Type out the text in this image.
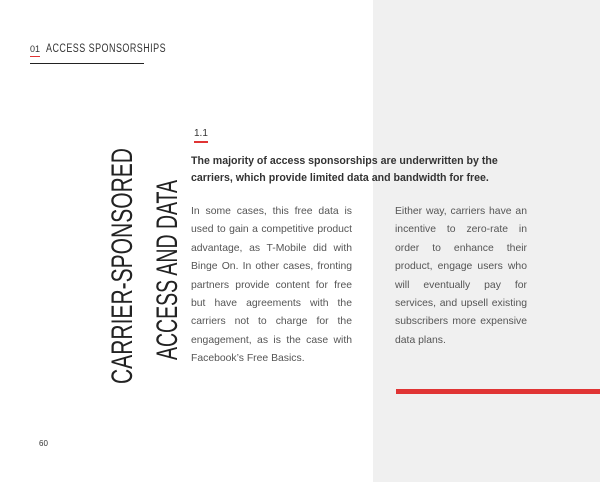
01 ACCESS SPONSORSHIPS
CARRIER-SPONSORED ACCESS AND DATA 1.1
The majority of access sponsorships are underwritten by the carriers, which provide limited data and bandwidth for free.
In some cases, this free data is used to gain a competitive product advantage, as T-Mobile did with Binge On. In other cases, fronting partners provide content for free but have agreements with the carriers not to charge for the engagement, as is the case with Facebook’s Free Basics.
Either way, carriers have an incentive to zero-rate in order to enhance their product, engage users who will eventually pay for services, and upsell existing subscribers more expensive data plans.
60
